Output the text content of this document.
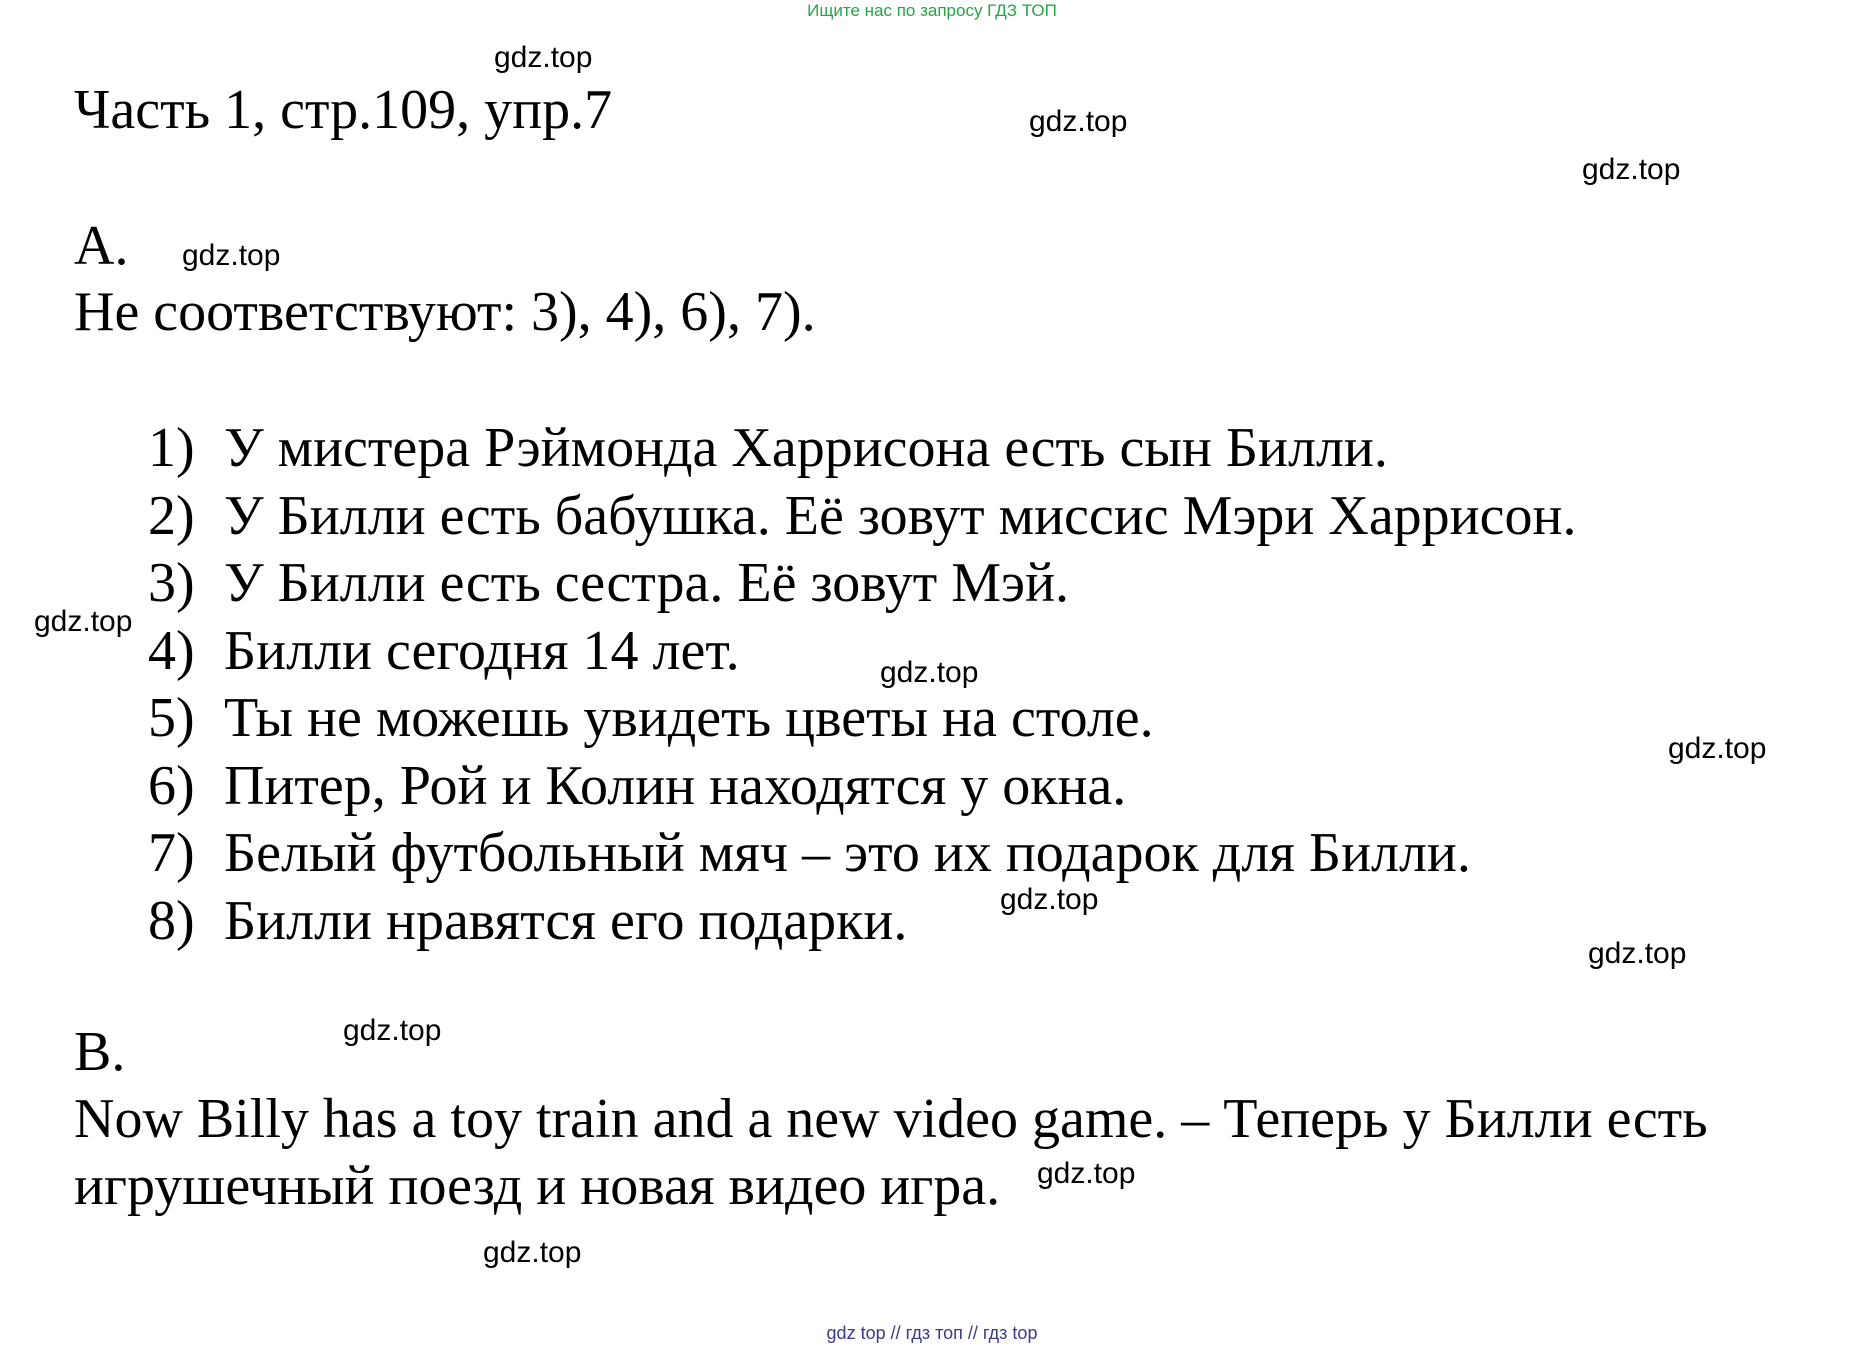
Ищите нас по запросу ГДЗ ТОП
Часть 1, стр.109, упр.7
A.
Не соответствуют: 3), 4), 6), 7).
1) У мистера Рэймонда Харрисона есть сын Билли.
2) У Билли есть бабушка. Её зовут миссис Мэри Харрисон.
3) У Билли есть сестра. Её зовут Мэй.
4) Билли сегодня 14 лет.
5) Ты не можешь увидеть цветы на столе.
6) Питер, Рой и Колин находятся у окна.
7) Белый футбольный мяч – это их подарок для Билли.
8) Билли нравятся его подарки.
B.
Now Billy has a toy train and a new video game. – Теперь у Билли есть
игрушечный поезд и новая видео игра.
gdz.top
gdz.top
gdz.top
gdz.top
gdz.top
gdz.top
gdz.top
gdz.top
gdz.top
gdz.top
gdz.top
gdz.top
gdz top // гдз топ // гдз top
